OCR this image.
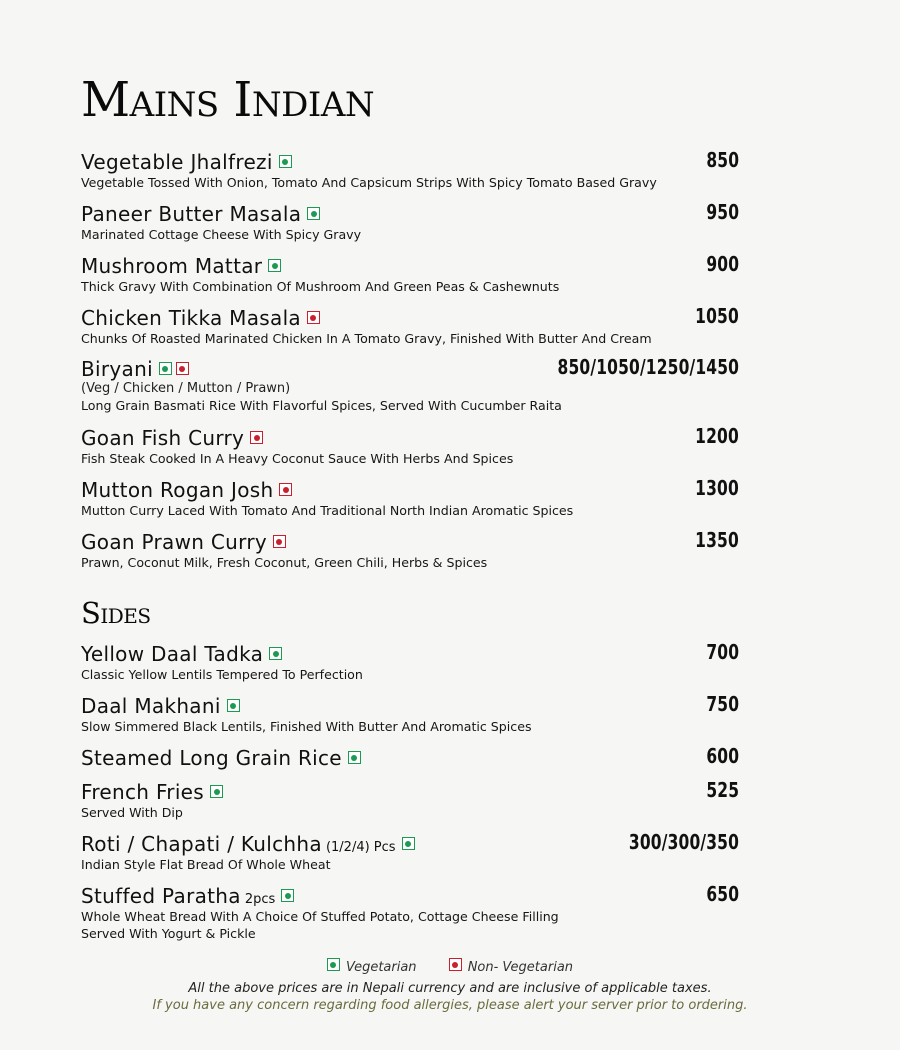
Mains Indian
Vegetable Jhalfrezi	850
Vegetable Tossed With Onion, Tomato And Capsicum Strips With Spicy Tomato Based Gravy
Paneer Butter Masala	950
Marinated Cottage Cheese With Spicy Gravy
Mushroom Mattar	900
Thick Gravy With Combination Of Mushroom And Green Peas & Cashewnuts
Chicken Tikka Masala	1050
Chunks Of Roasted Marinated Chicken In A Tomato Gravy, Finished With Butter And Cream
Biryani	850/1050/1250/1450
(Veg / Chicken / Mutton / Prawn)
Long Grain Basmati Rice With Flavorful Spices, Served With Cucumber Raita
Goan Fish Curry	1200
Fish Steak Cooked In A Heavy Coconut Sauce With Herbs And Spices
Mutton Rogan Josh	1300
Mutton Curry Laced With Tomato And Traditional North Indian Aromatic Spices
Goan Prawn Curry	1350
Prawn, Coconut Milk, Fresh Coconut, Green Chili, Herbs & Spices
Sides
Yellow Daal Tadka	700
Classic Yellow Lentils Tempered To Perfection
Daal Makhani	750
Slow Simmered Black Lentils, Finished With Butter And Aromatic Spices
Steamed Long Grain Rice	600
French Fries	525
Served With Dip
Roti / Chapati / Kulchha (1/2/4) Pcs	300/300/350
Indian Style Flat Bread Of Whole Wheat
Stuffed Paratha 2pcs	650
Whole Wheat Bread With A Choice Of Stuffed Potato, Cottage Cheese Filling
Served With Yogurt & Pickle
Vegetarian	Non- Vegetarian
All the above prices are in Nepali currency and are inclusive of applicable taxes.
If you have any concern regarding food allergies, please alert your server prior to ordering.
